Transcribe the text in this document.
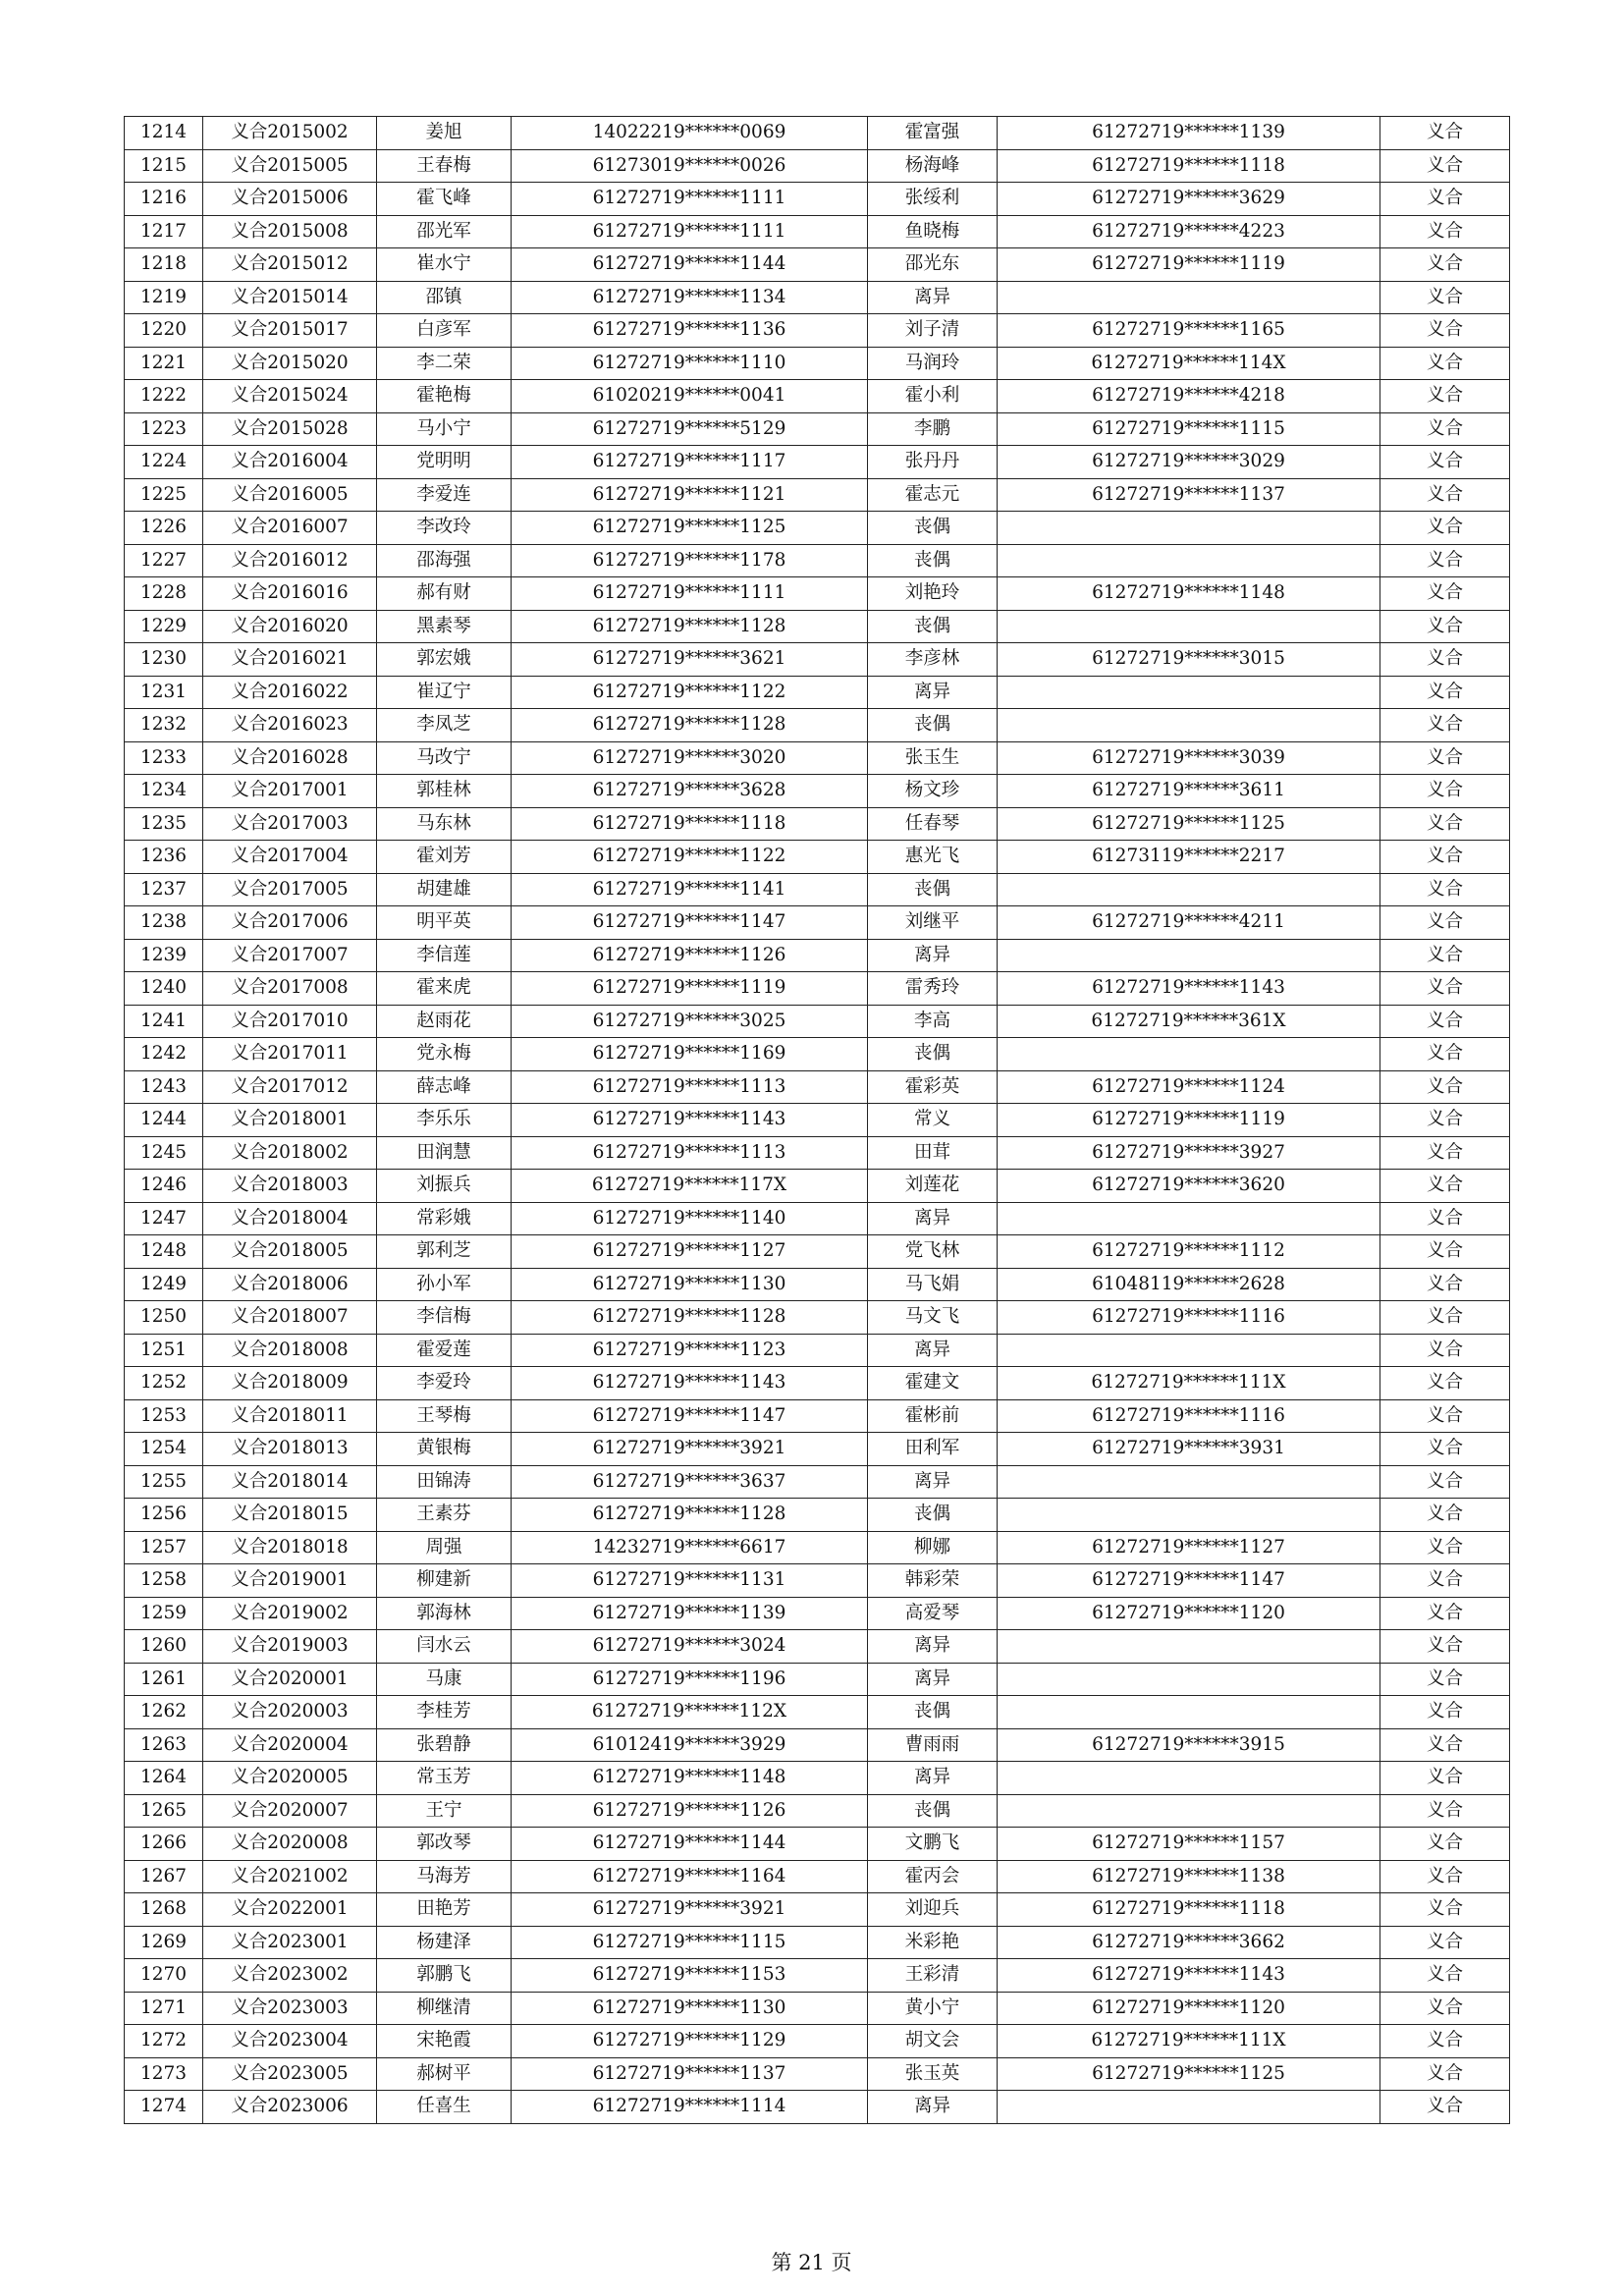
1214	义合2015002	姜旭	14022219******0069	霍富强	61272719******1139	义合
1215	义合2015005	王春梅	61273019******0026	杨海峰	61272719******1118	义合
1216	义合2015006	霍飞峰	61272719******1111	张绥利	61272719******3629	义合
1217	义合2015008	邵光军	61272719******1111	鱼晓梅	61272719******4223	义合
1218	义合2015012	崔水宁	61272719******1144	邵光东	61272719******1119	义合
1219	义合2015014	邵镇	61272719******1134	离异		义合
1220	义合2015017	白彦军	61272719******1136	刘子清	61272719******1165	义合
1221	义合2015020	李二荣	61272719******1110	马润玲	61272719******114X	义合
1222	义合2015024	霍艳梅	61020219******0041	霍小利	61272719******4218	义合
1223	义合2015028	马小宁	61272719******5129	李鹏	61272719******1115	义合
1224	义合2016004	党明明	61272719******1117	张丹丹	61272719******3029	义合
1225	义合2016005	李爱连	61272719******1121	霍志元	61272719******1137	义合
1226	义合2016007	李改玲	61272719******1125	丧偶		义合
1227	义合2016012	邵海强	61272719******1178	丧偶		义合
1228	义合2016016	郝有财	61272719******1111	刘艳玲	61272719******1148	义合
1229	义合2016020	黑素琴	61272719******1128	丧偶		义合
1230	义合2016021	郭宏娥	61272719******3621	李彦林	61272719******3015	义合
1231	义合2016022	崔辽宁	61272719******1122	离异		义合
1232	义合2016023	李凤芝	61272719******1128	丧偶		义合
1233	义合2016028	马改宁	61272719******3020	张玉生	61272719******3039	义合
1234	义合2017001	郭桂林	61272719******3628	杨文珍	61272719******3611	义合
1235	义合2017003	马东林	61272719******1118	任春琴	61272719******1125	义合
1236	义合2017004	霍刘芳	61272719******1122	惠光飞	61273119******2217	义合
1237	义合2017005	胡建雄	61272719******1141	丧偶		义合
1238	义合2017006	明平英	61272719******1147	刘继平	61272719******4211	义合
1239	义合2017007	李信莲	61272719******1126	离异		义合
1240	义合2017008	霍来虎	61272719******1119	雷秀玲	61272719******1143	义合
1241	义合2017010	赵雨花	61272719******3025	李高	61272719******361X	义合
1242	义合2017011	党永梅	61272719******1169	丧偶		义合
1243	义合2017012	薛志峰	61272719******1113	霍彩英	61272719******1124	义合
1244	义合2018001	李乐乐	61272719******1143	常义	61272719******1119	义合
1245	义合2018002	田润慧	61272719******1113	田茸	61272719******3927	义合
1246	义合2018003	刘振兵	61272719******117X	刘莲花	61272719******3620	义合
1247	义合2018004	常彩娥	61272719******1140	离异		义合
1248	义合2018005	郭利芝	61272719******1127	党飞林	61272719******1112	义合
1249	义合2018006	孙小军	61272719******1130	马飞娟	61048119******2628	义合
1250	义合2018007	李信梅	61272719******1128	马文飞	61272719******1116	义合
1251	义合2018008	霍爱莲	61272719******1123	离异		义合
1252	义合2018009	李爱玲	61272719******1143	霍建文	61272719******111X	义合
1253	义合2018011	王琴梅	61272719******1147	霍彬前	61272719******1116	义合
1254	义合2018013	黄银梅	61272719******3921	田利军	61272719******3931	义合
1255	义合2018014	田锦涛	61272719******3637	离异		义合
1256	义合2018015	王素芬	61272719******1128	丧偶		义合
1257	义合2018018	周强	14232719******6617	柳娜	61272719******1127	义合
1258	义合2019001	柳建新	61272719******1131	韩彩荣	61272719******1147	义合
1259	义合2019002	郭海林	61272719******1139	高爱琴	61272719******1120	义合
1260	义合2019003	闫水云	61272719******3024	离异		义合
1261	义合2020001	马康	61272719******1196	离异		义合
1262	义合2020003	李桂芳	61272719******112X	丧偶		义合
1263	义合2020004	张碧静	61012419******3929	曹雨雨	61272719******3915	义合
1264	义合2020005	常玉芳	61272719******1148	离异		义合
1265	义合2020007	王宁	61272719******1126	丧偶		义合
1266	义合2020008	郭改琴	61272719******1144	文鹏飞	61272719******1157	义合
1267	义合2021002	马海芳	61272719******1164	霍丙会	61272719******1138	义合
1268	义合2022001	田艳芳	61272719******3921	刘迎兵	61272719******1118	义合
1269	义合2023001	杨建泽	61272719******1115	米彩艳	61272719******3662	义合
1270	义合2023002	郭鹏飞	61272719******1153	王彩清	61272719******1143	义合
1271	义合2023003	柳继清	61272719******1130	黄小宁	61272719******1120	义合
1272	义合2023004	宋艳霞	61272719******1129	胡文会	61272719******111X	义合
1273	义合2023005	郝树平	61272719******1137	张玉英	61272719******1125	义合
1274	义合2023006	任喜生	61272719******1114	离异		义合
第 21 页
